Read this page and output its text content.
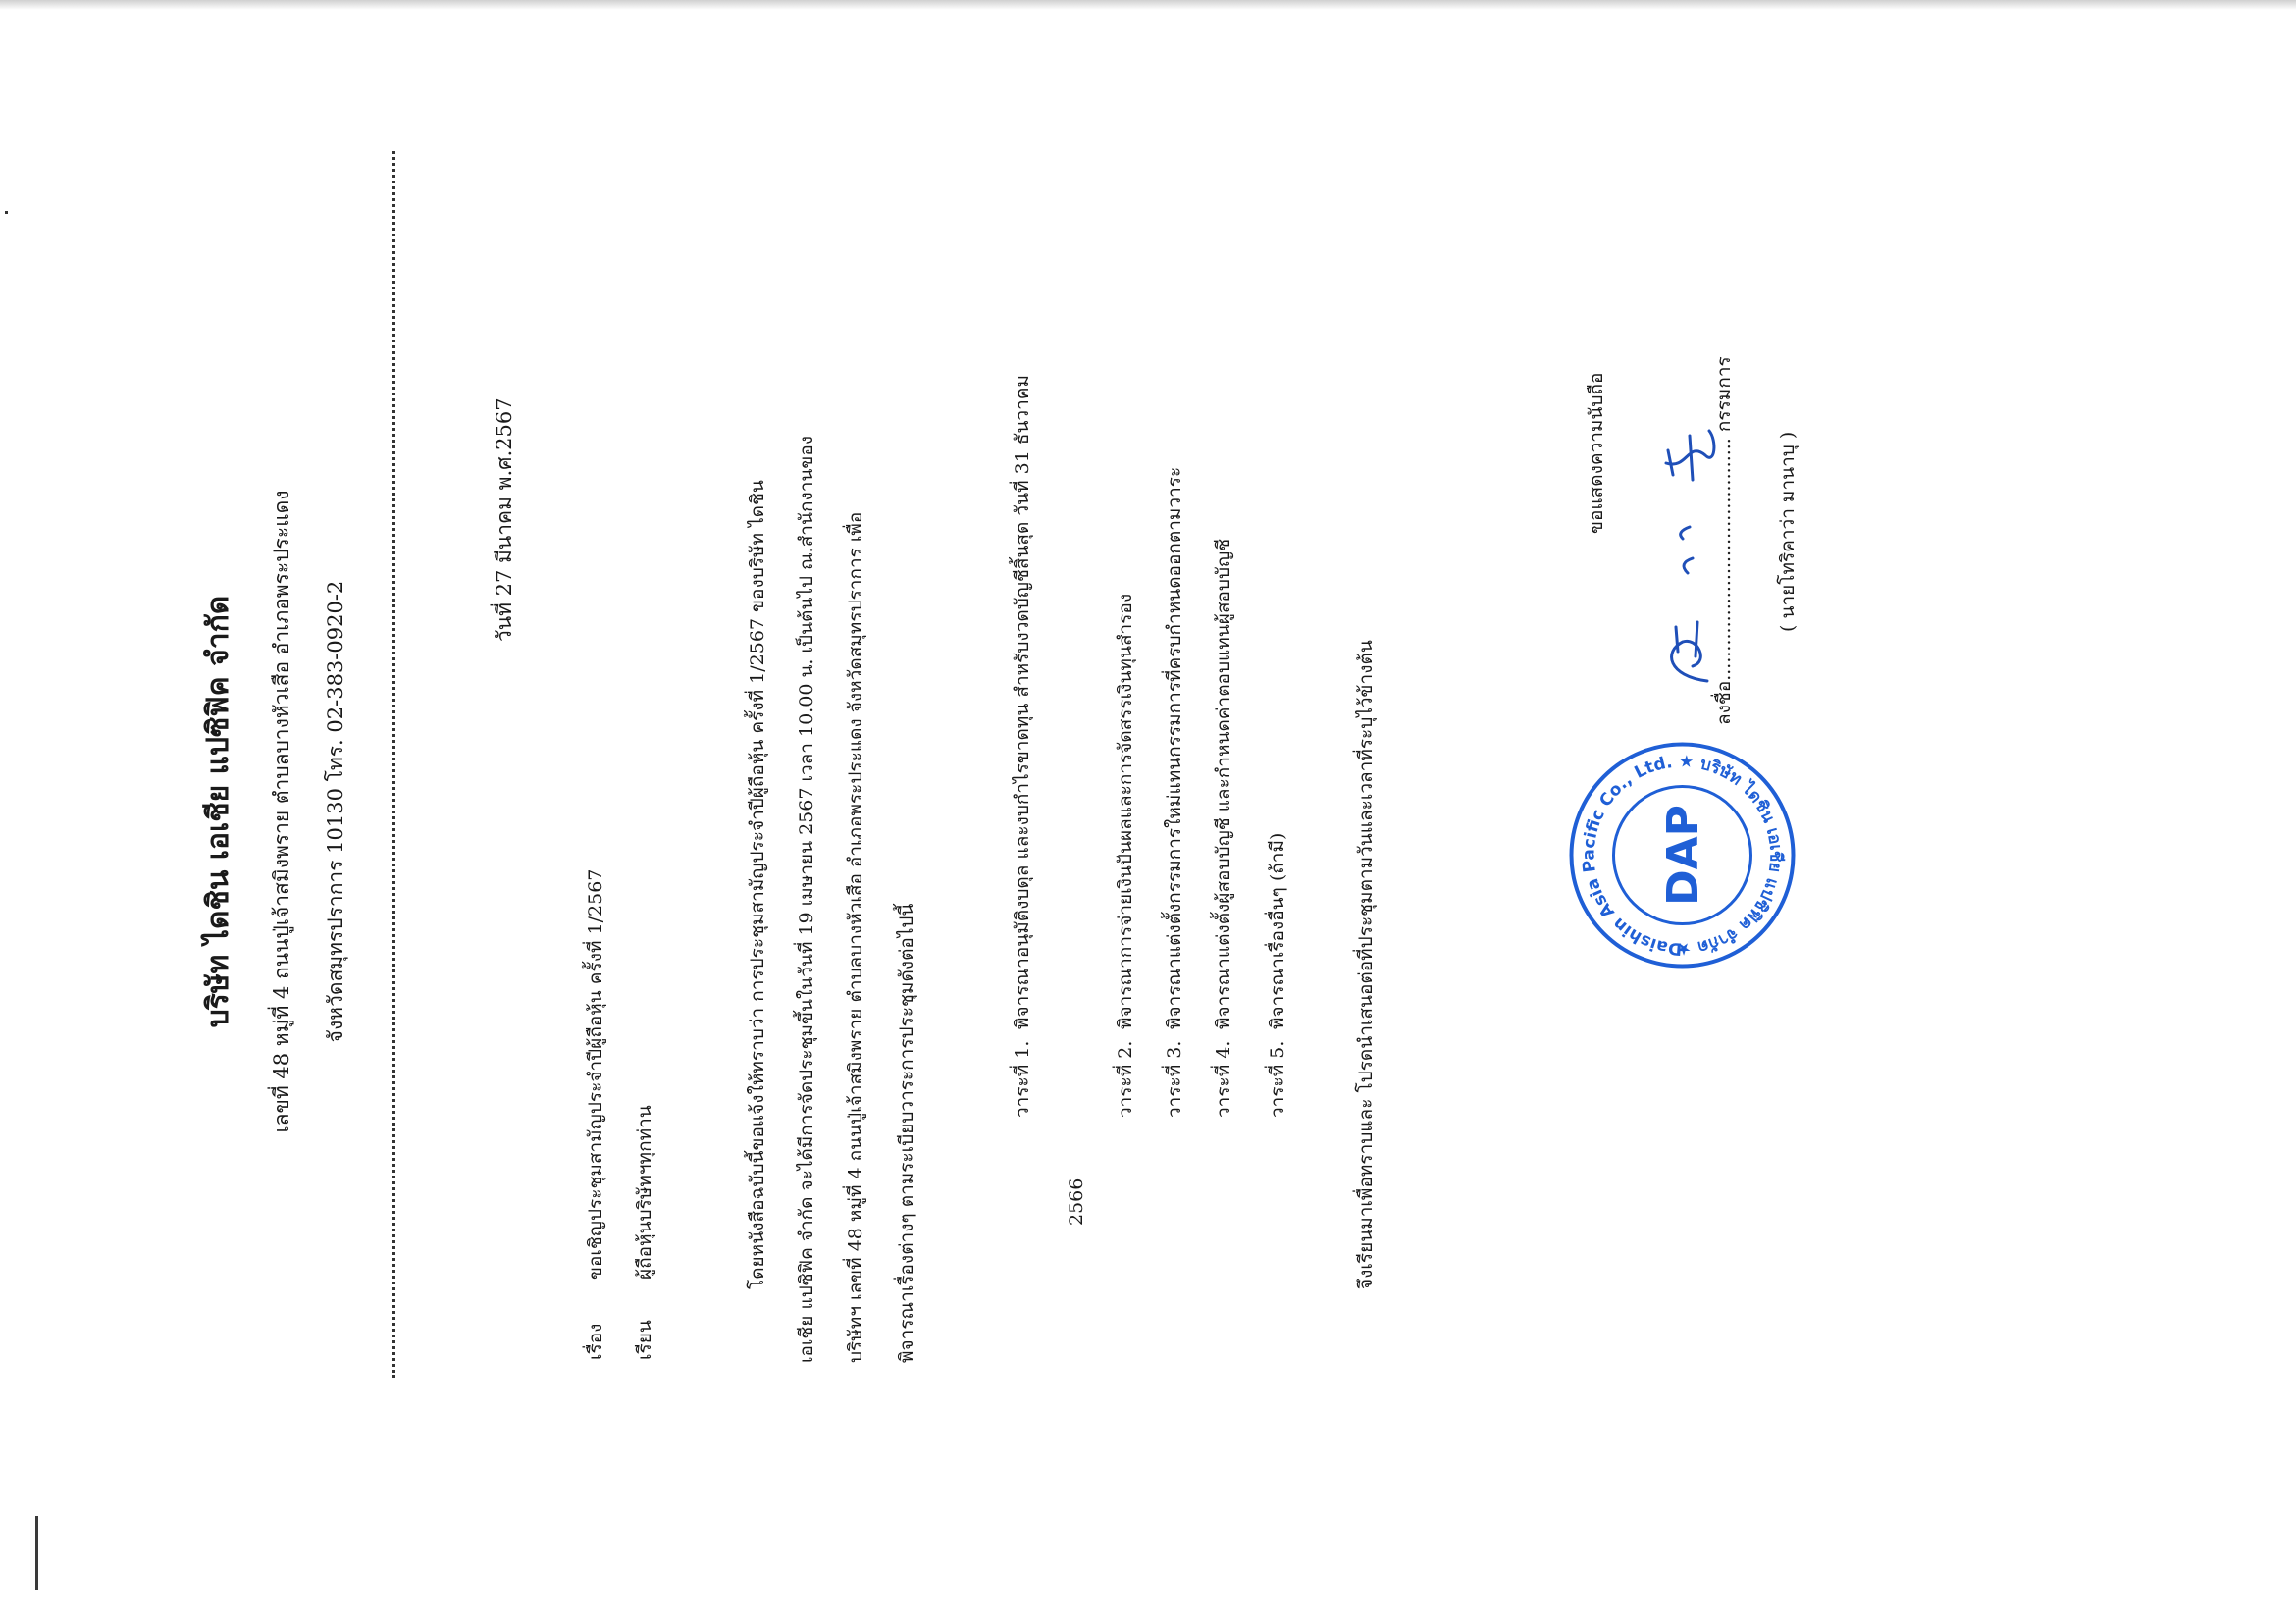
บริษัท ไดชิน เอเชีย แปซิฟิค จำกัด เลขที่ 48 หมู่ที่ 4 ถนนปู่เจ้าสมิงพราย ตำบลบางหัวเสือ อำเภอพระประแดง จังหวัดสมุทรปราการ 10130 โทร. 02-383-0920-2
วันที่ 27 มีนาคม พ.ศ.2567
เรื่อง
ขอเชิญประชุมสามัญประจำปีผู้ถือหุ้น ครั้งที่ 1/2567
เรียน
ผู้ถือหุ้นบริษัทฯทุกท่าน	โดยหนังสือฉบับนี้ขอแจ้งให้ทราบว่า การประชุมสามัญประจำปีผู้ถือหุ้น ครั้งที่ 1/2567 ของบริษัท ไดชิน เอเชีย แปซิฟิค จำกัด จะได้มีการจัดประชุมขึ้นในวันที่ 19 เมษายน 2567 เวลา 10.00 น. เป็นต้นไป ณ.สำนักงานของ บริษัทฯ เลขที่ 48 หมู่ที่ 4 ถนนปู่เจ้าสมิงพราย ตำบลบางหัวเสือ อำเภอพระประแดง จังหวัดสมุทรปราการ เพื่อ พิจารณาเรื่องต่างๆ ตามระเบียบวาระการประชุมดังต่อไปนี้	วาระที่ 1.
พิจารณาอนุมัติงบดุล และงบกำไรขาดทุน สำหรับงวดบัญชีสิ้นสุด วันที่ 31 ธันวาคม
2566
วาระที่ 2.
พิจารณาการจ่ายเงินปันผลและการจัดสรรเงินทุนสำรอง
วาระที่ 3.
พิจารณาแต่งตั้งกรรมการใหม่แทนกรรมการที่ครบกำหนดออกตามวาระ
วาระที่ 4.
พิจารณาแต่งตั้งผู้สอบบัญชี และกำหนดค่าตอบแทนผู้สอบบัญชี
วาระที่ 5.
พิจารณาเรื่องอื่นๆ (ถ้ามี)	จึงเรียนมาเพื่อทราบและ โปรดนำเสนอต่อที่ประชุมตามวันและเวลาที่ระบุไว้ข้างต้น
ขอแสดงความนับถือ	ลงชื่อ......................................... กรรมการ ( นายโทริคาว่า มานาบุ )
Daishin Asia Pacific Co., Ltd. ★ บริษัท ไดชิน เอเชีย แปซิฟิค จำกัด ★
DAP
